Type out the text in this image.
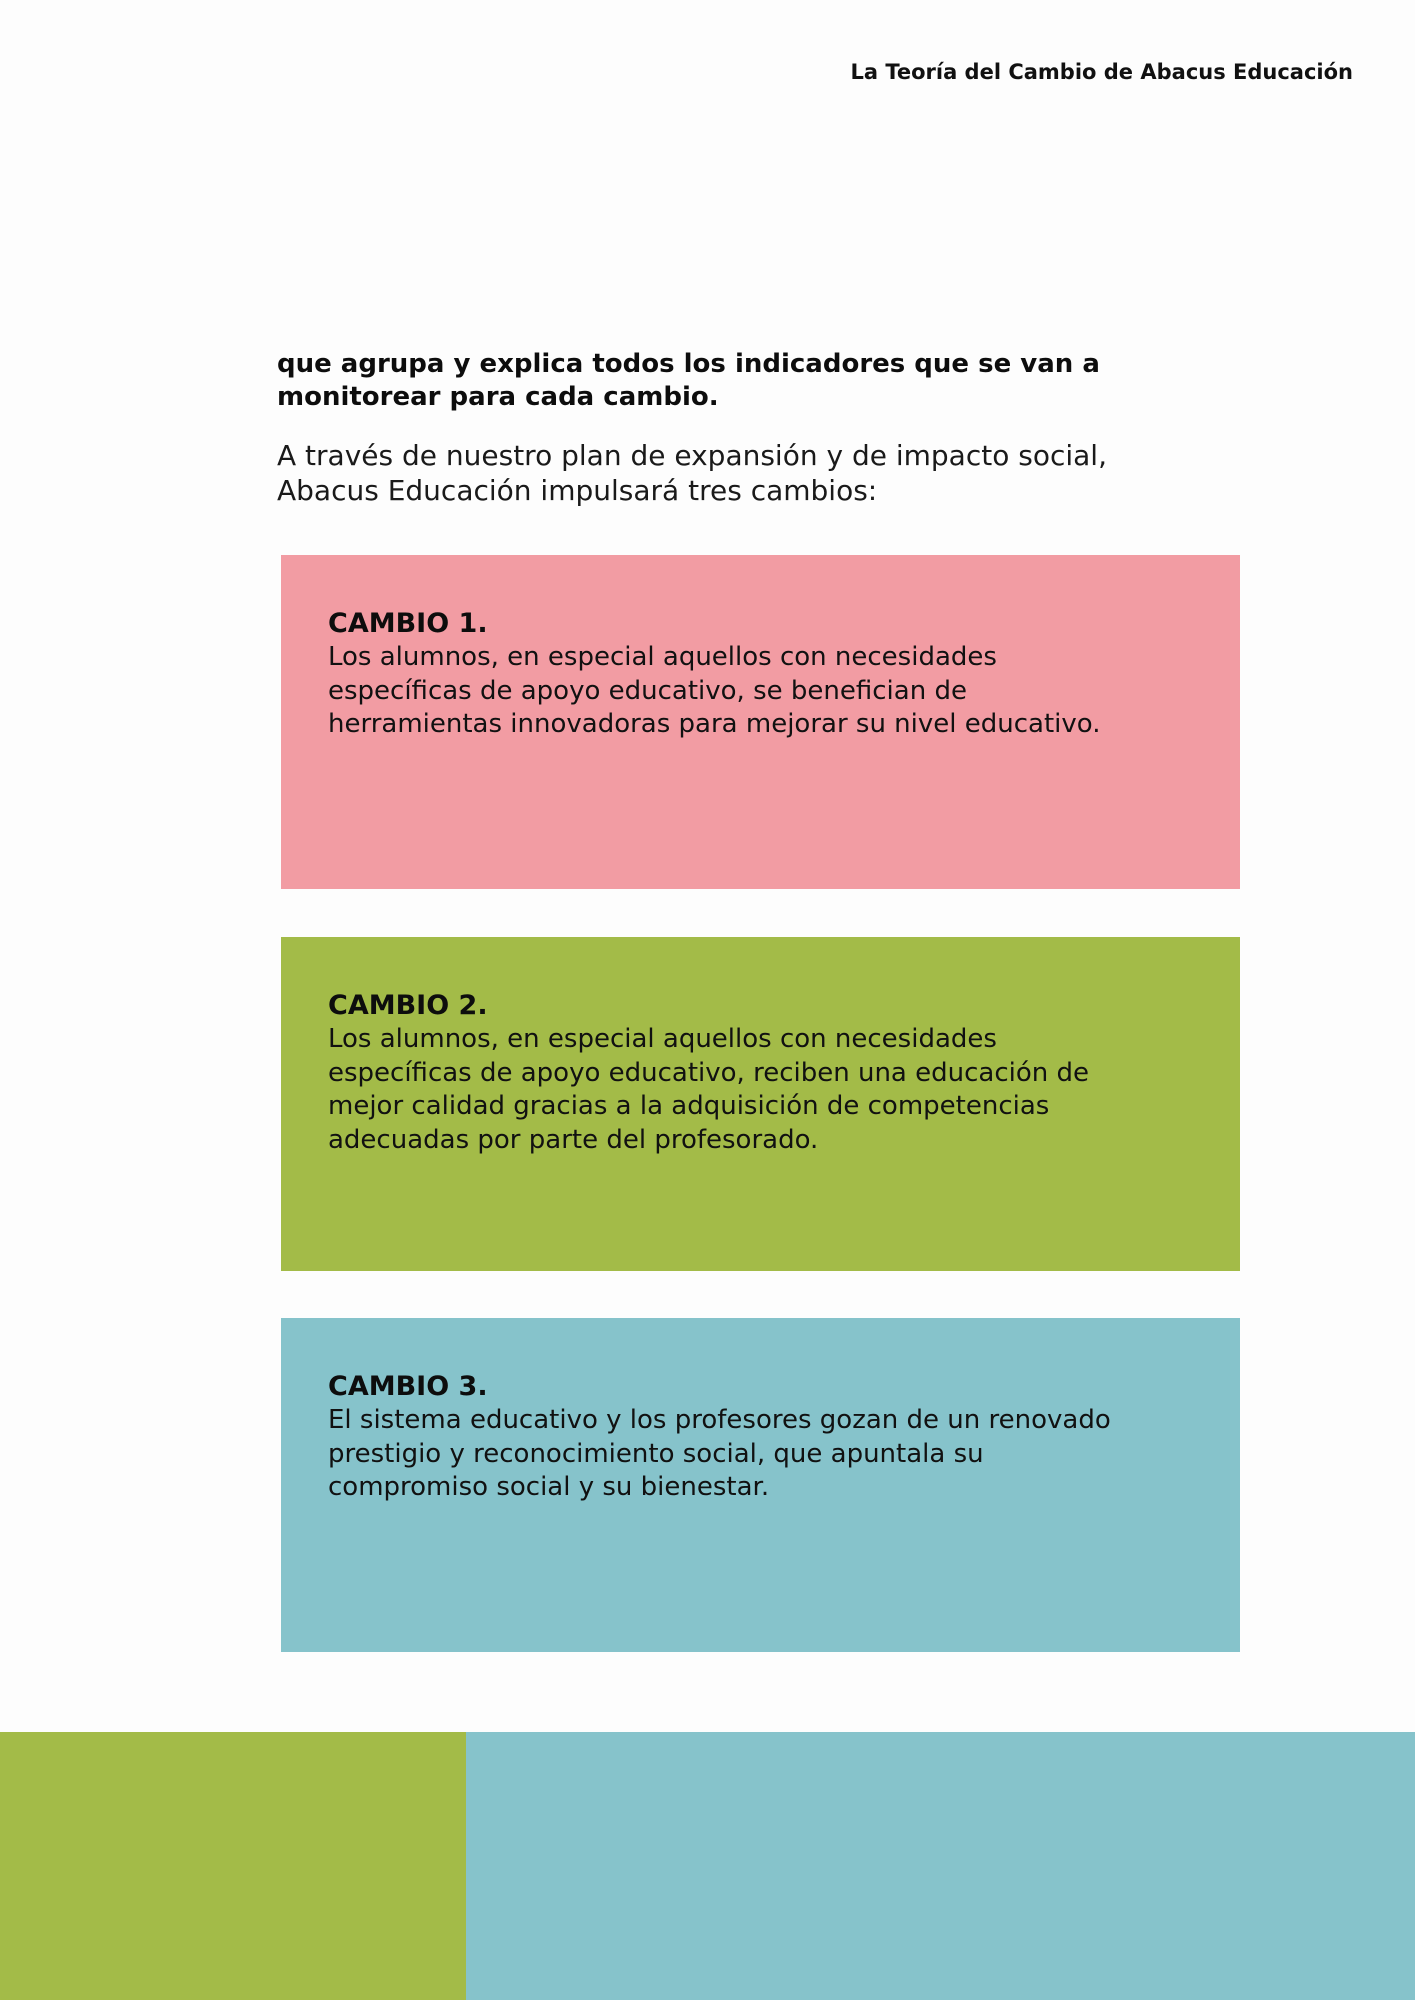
La Teoría del Cambio de Abacus Educación
que agrupa y explica todos los indicadores que se van a monitorear para cada cambio.
A través de nuestro plan de expansión y de impacto social, Abacus Educación impulsará tres cambios:
CAMBIO 1.
Los alumnos, en especial aquellos con necesidades específicas de apoyo educativo, se benefician de herramientas innovadoras para mejorar su nivel educativo.
CAMBIO 2.
Los alumnos, en especial aquellos con necesidades específicas de apoyo educativo, reciben una educación de mejor calidad gracias a la adquisición de competencias adecuadas por parte del profesorado.
CAMBIO 3.
El sistema educativo y los profesores gozan de un renovado prestigio y reconocimiento social, que apuntala su compromiso social y su bienestar.
